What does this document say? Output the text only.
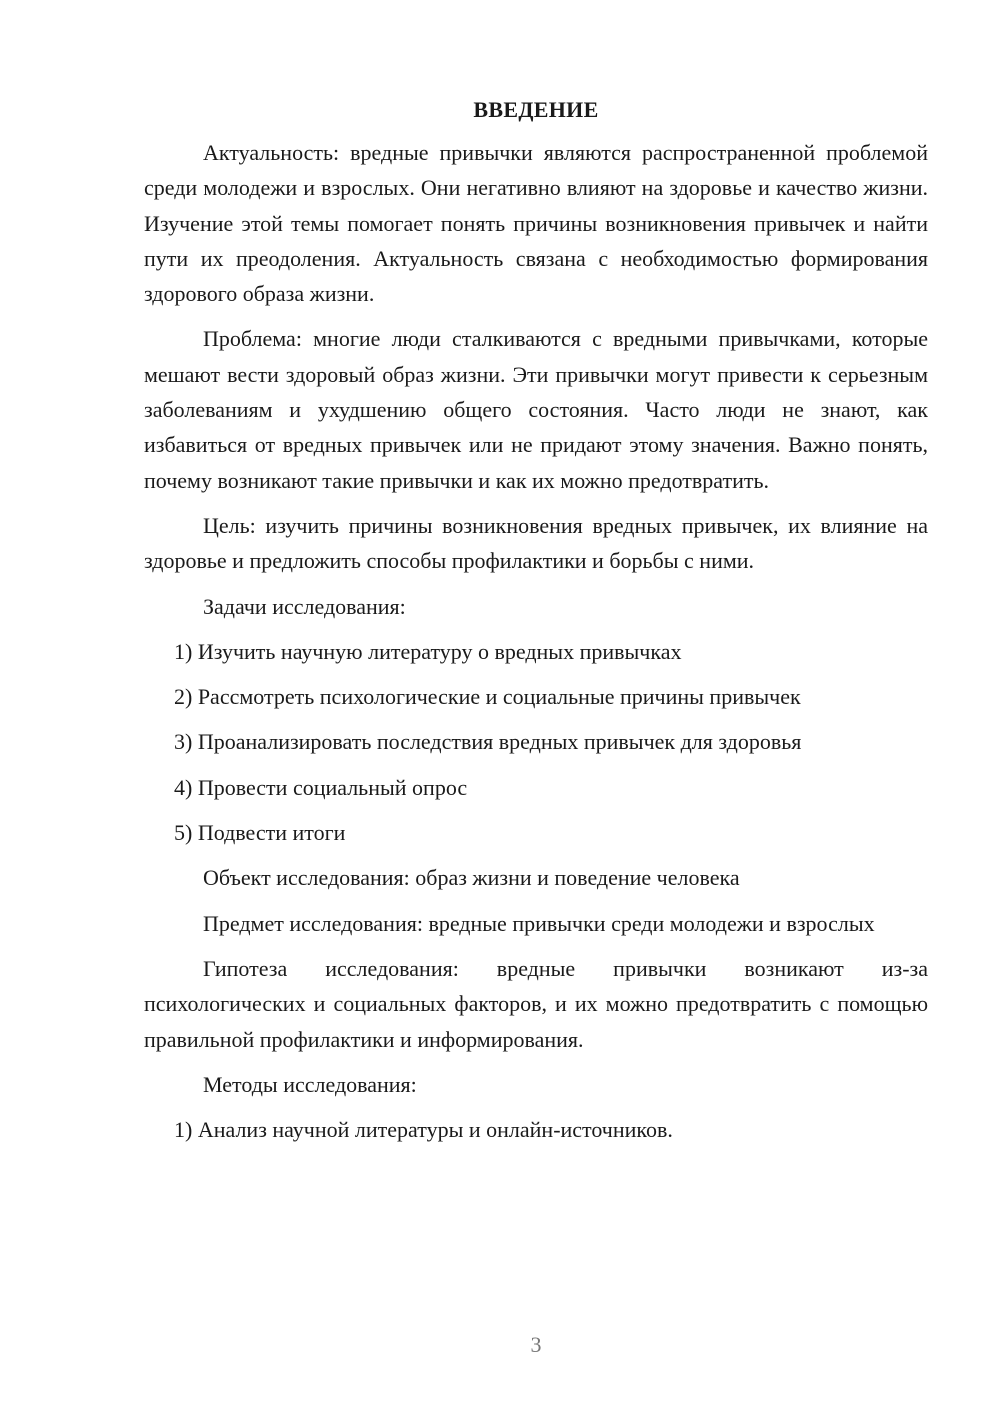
ВВЕДЕНИЕ

Актуальность: вредные привычки являются распространенной проблемой среди молодежи и взрослых. Они негативно влияют на здоровье и качество жизни. Изучение этой темы помогает понять причины возникновения привычек и найти пути их преодоления. Актуальность связана с необходимостью формирования здорового образа жизни.

Проблема: многие люди сталкиваются с вредными привычками, которые мешают вести здоровый образ жизни. Эти привычки могут привести к серьезным заболеваниям и ухудшению общего состояния. Часто люди не знают, как избавиться от вредных привычек или не придают этому значения. Важно понять, почему возникают такие привычки и как их можно предотвратить.

Цель: изучить причины возникновения вредных привычек, их влияние на здоровье и предложить способы профилактики и борьбы с ними.

Задачи исследования:
1) Изучить научную литературу о вредных привычках
2) Рассмотреть психологические и социальные причины привычек
3) Проанализировать последствия вредных привычек для здоровья
4) Провести социальный опрос
5) Подвести итоги
Объект исследования: образ жизни и поведение человека

Предмет исследования: вредные привычки среди молодежи и взрослых

Гипотеза исследования: вредные привычки возникают из-за психологических и социальных факторов, и их можно предотвратить с помощью правильной профилактики и информирования.

Методы исследования:
1) Анализ научной литературы и онлайн-источников.
3
